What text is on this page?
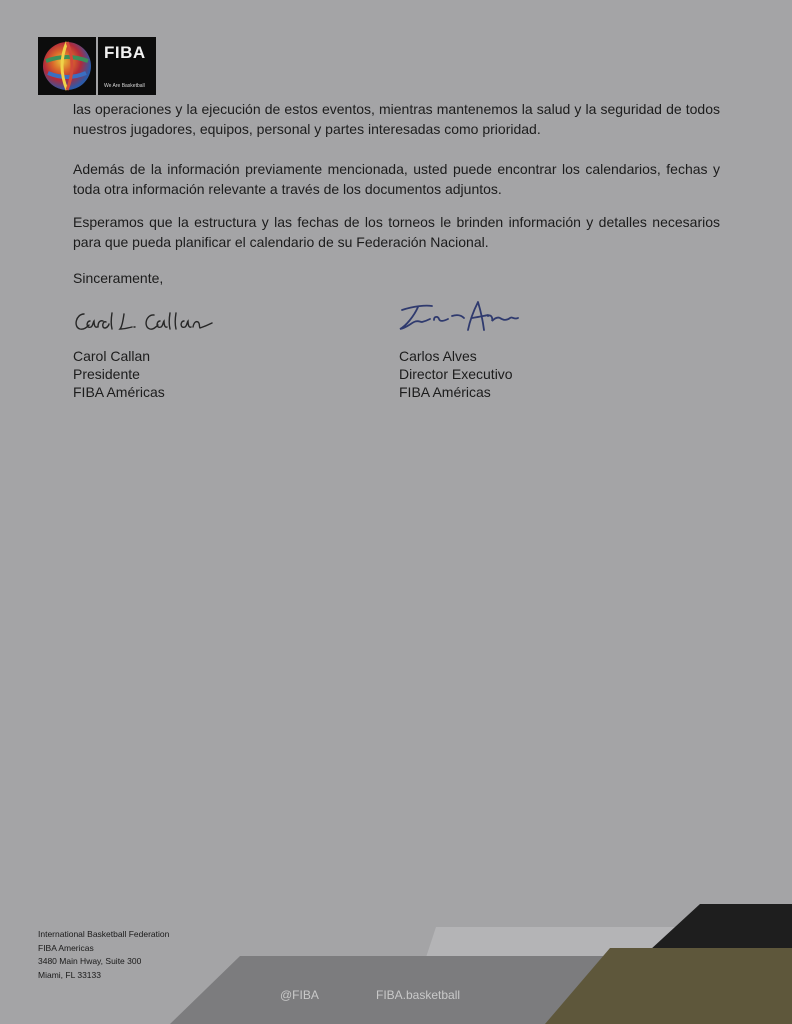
FIBA
We Are Basketball

las operaciones y la ejecución de estos eventos, mientras mantenemos la salud y la seguridad de todos nuestros jugadores, equipos, personal y partes interesadas como prioridad.

Además de la información previamente mencionada, usted puede encontrar los calendarios, fechas y toda otra información relevante a través de los documentos adjuntos.

Esperamos que la estructura y las fechas de los torneos le brinden información y detalles necesarios para que pueda planificar el calendario de su Federación Nacional.

Sinceramente,
Carol Callan
Presidente
FIBA Américas
Carlos Alves
Director Executivo
FIBA Américas
International Basketball Federation
FIBA Americas
3480 Main Hway, Suite 300
Miami, FL 33133
@FIBA	FIBA.basketball
